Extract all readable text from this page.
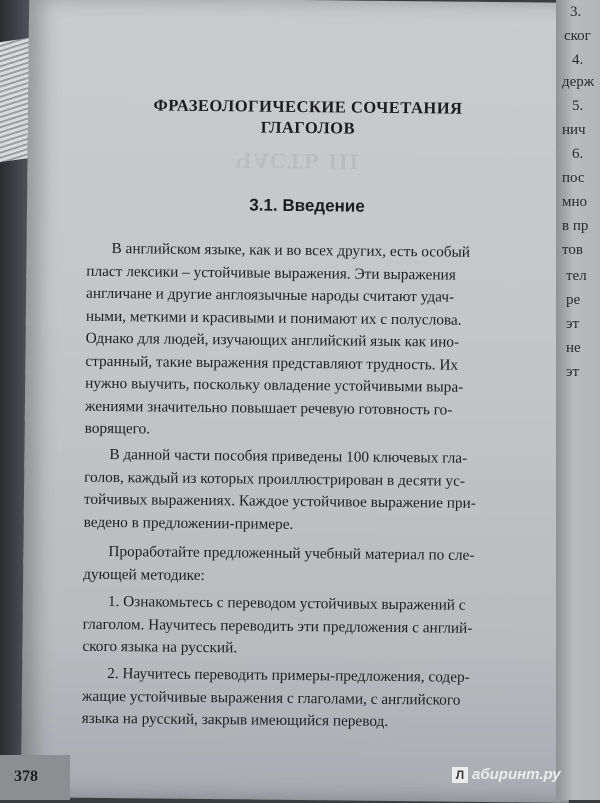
ЧАСТЬ III
ФРАЗЕОЛОГИЧЕСКИЕ СОЧЕТАНИЯ
ГЛАГОЛОВ
3.1. Введение
В английском языке, как и во всех других, есть особый
пласт лексики – устойчивые выражения. Эти выражения
англичане и другие англоязычные народы считают удач-
ными, меткими и красивыми и понимают их с полуслова.
Однако для людей, изучающих английский язык как ино-
странный, такие выражения представляют трудность. Их
нужно выучить, поскольку овладение устойчивыми выра-
жениями значительно повышает речевую готовность го-
ворящего.
В данной части пособия приведены 100 ключевых гла-
голов, каждый из которых проиллюстрирован в десяти ус-
тойчивых выражениях. Каждое устойчивое выражение при-
ведено в предложении-примере.
Проработайте предложенный учебный материал по сле-
дующей методике:
1. Ознакомьтесь с переводом устойчивых выражений с
глаголом. Научитесь переводить эти предложения с англий-
ского языка на русский.
2. Научитесь переводить примеры-предложения, содер-
жащие устойчивые выражения с глаголами, с английского
языка на русский, закрыв имеющийся перевод.
3.
ског
4.
держ
5.
нич
6.
пос
мно
в пр
тов
тел
ре
эт
не
эт
378	Л абиринт.ру
